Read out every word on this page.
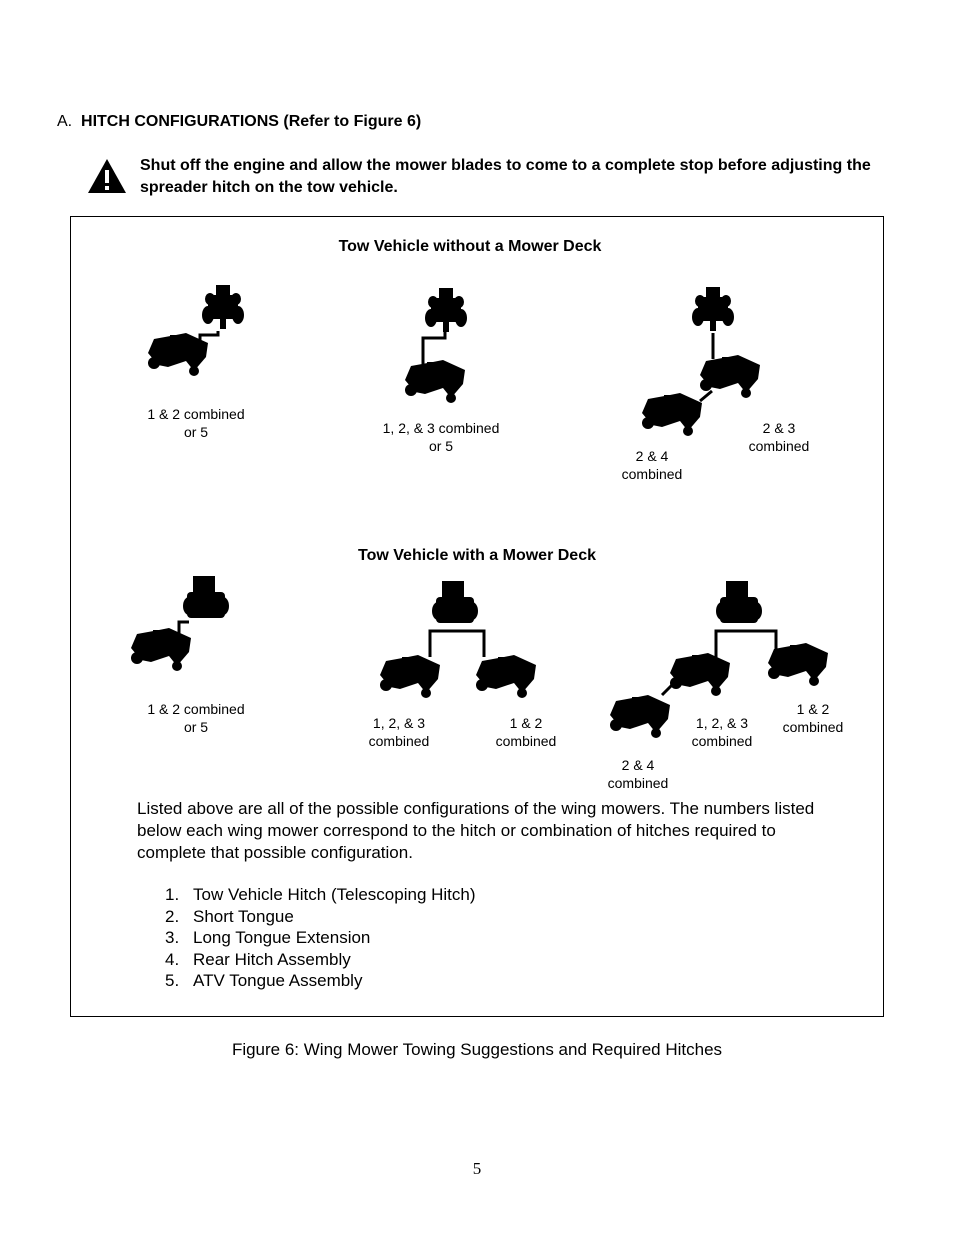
A. HITCH CONFIGURATIONS (Refer to Figure 6)
Shut off the engine and allow the mower blades to come to a complete stop before adjusting the spreader hitch on the tow vehicle.
Tow Vehicle without a Mower Deck
1 & 2 combined
or 5	1, 2, & 3 combined
or 5
2 & 4
combined
2 & 3
combined
Tow Vehicle with a Mower Deck
1 & 2 combined
or 5	1, 2, & 3
combined
1 & 2
combined
1, 2, & 3
combined
1 & 2
combined
2 & 4
combined
Listed above are all of the possible configurations of the wing mowers. The numbers listed below each wing mower correspond to the hitch or combination of hitches required to complete that possible configuration.
1. Tow Vehicle Hitch (Telescoping Hitch)
2. Short Tongue
3. Long Tongue Extension
4. Rear Hitch Assembly
5. ATV Tongue Assembly
Figure 6: Wing Mower Towing Suggestions and Required Hitches
5
